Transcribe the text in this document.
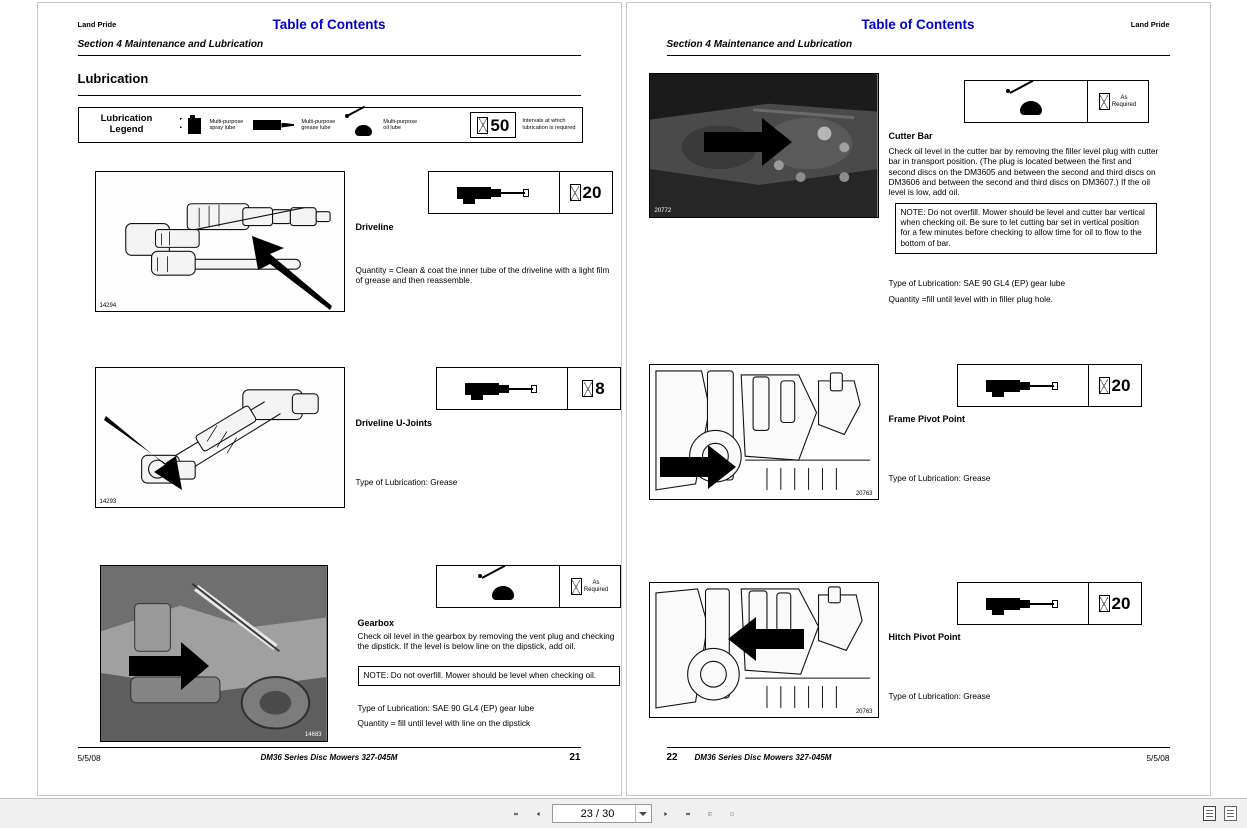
Land Pride	Table of Contents
Section 4 Maintenance and Lubrication
Lubrication
Lubrication
Legend
Multi-purpose
spray lube
Multi-purpose
grease lube
Multi-purpose
oil lube	50 Intervals at which
lubrication is required
14294
20
Driveline
Quantity = Clean & coat the inner tube of the driveline with a light film of grease and then reassemble.
14293
8
Driveline U-Joints
Type of Lubrication: Grease
14683
As
Required
Gearbox
Check oil level in the gearbox by removing the vent plug and checking the dipstick. If the level is below line on the dipstick, add oil.
NOTE: Do not overfill. Mower should be level when checking oil.
Type of Lubrication: SAE 90 GL4 (EP) gear lube
Quantity = fill until level with line on the dipstick
5/5/08	DM36 Series Disc Mowers 327-045M	21
Land Pride
Table of Contents
Section 4 Maintenance and Lubrication
20772
As
Required
Cutter Bar
Check oil level in the cutter bar by removing the filler level plug with cutter bar in transport position. (The plug is located between the first and second discs on the DM3605 and between the second and third discs on DM3606 and between the second and third discs on DM3607.) If the oil level is low, add oil.
NOTE: Do not overfill. Mower should be level and cutter bar vertical when checking oil. Be sure to let cutting bar set in vertical position for a few minutes before checking to allow time for oil to flow to the bottom of bar.
Type of Lubrication: SAE 90 GL4 (EP) gear lube
Quantity =fill until level with in filler plug hole.
20763
20
Frame Pivot Point
Type of Lubrication: Grease
20763
20
Hitch Pivot Point
Type of Lubrication: Grease
22 DM36 Series Disc Mowers 327-045M	5/5/08
23 / 30
